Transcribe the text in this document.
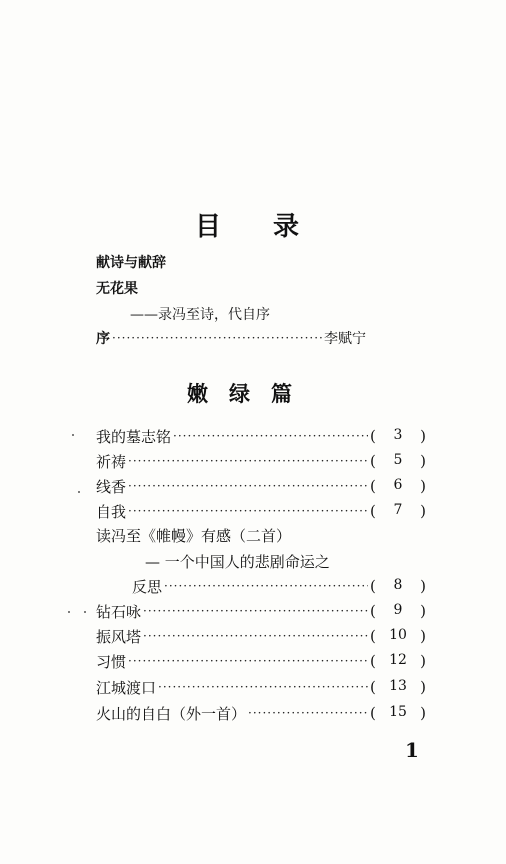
目　　录
献诗与献辞
无花果
——录冯至诗，代自序
序 ·····	李赋宁
嫩　绿　篇
我的墓志铭 ·····	(	3	)
祈祷 ·····	(	5	)
线香 ·····	(	6	)
自我 ·····	(	7	)
读冯至《帷幔》有感（二首）
— 一个中国人的悲剧命运之
反思 ·····	(	8	)
钻石咏 ·····	(	9	)
振风塔 ·····	( 10 )
习惯 ·····	( 12 )
江城渡口 ·····	( 13 )
火山的自白（外一首） ·····	( 15 )
1
